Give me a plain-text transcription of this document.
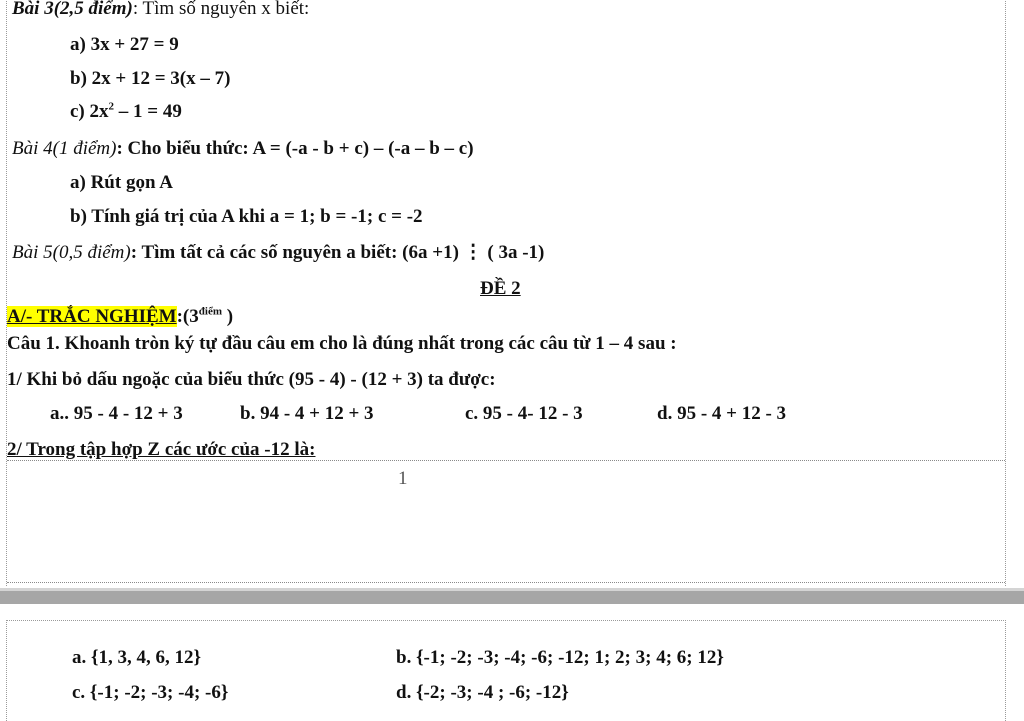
1
Bài 3(2,5 điểm): Tìm số nguyên x biết:
a) 3x + 27 = 9
b) 2x + 12 = 3(x – 7)
c) $2x^2 - 1 = 49$
Bài 4(1 điểm): Cho biểu thức: A = (-a - b + c) – (-a – b – c)
a) Rút gọn A
b) Tính giá trị của A khi a = 1; b = -1; c = -2
Bài 5(0,5 điểm): Tìm tất cả các số nguyên a biết: (6a +1) ⋮ ( 3a -1)
ĐỀ 2
A/- TRẮC $NGHIỆM:(3^{điểm}$ )
Câu 1. Khoanh tròn ký tự đầu câu em cho là đúng nhất trong các câu từ 1 – 4 sau :
1/ Khi bỏ dấu ngoặc của biểu thức (95 - 4) - (12 + 3) ta được:
a.. 95 - 4 - 12 + 3	b. 94 - 4 + 12 + 3	c. 95 - 4- 12 - 3	d. 95 - 4 + 12 - 3
2/ Trong tập hợp Z các ước của -12 là:
a. {1, 3, 4, 6, 12}	b. {-1; -2; -3; -4; -6; -12; 1; 2; 3; 4; 6; 12}
c. {-1; -2; -3; -4; -6}	d. {-2; -3; -4 ; -6; -12}
